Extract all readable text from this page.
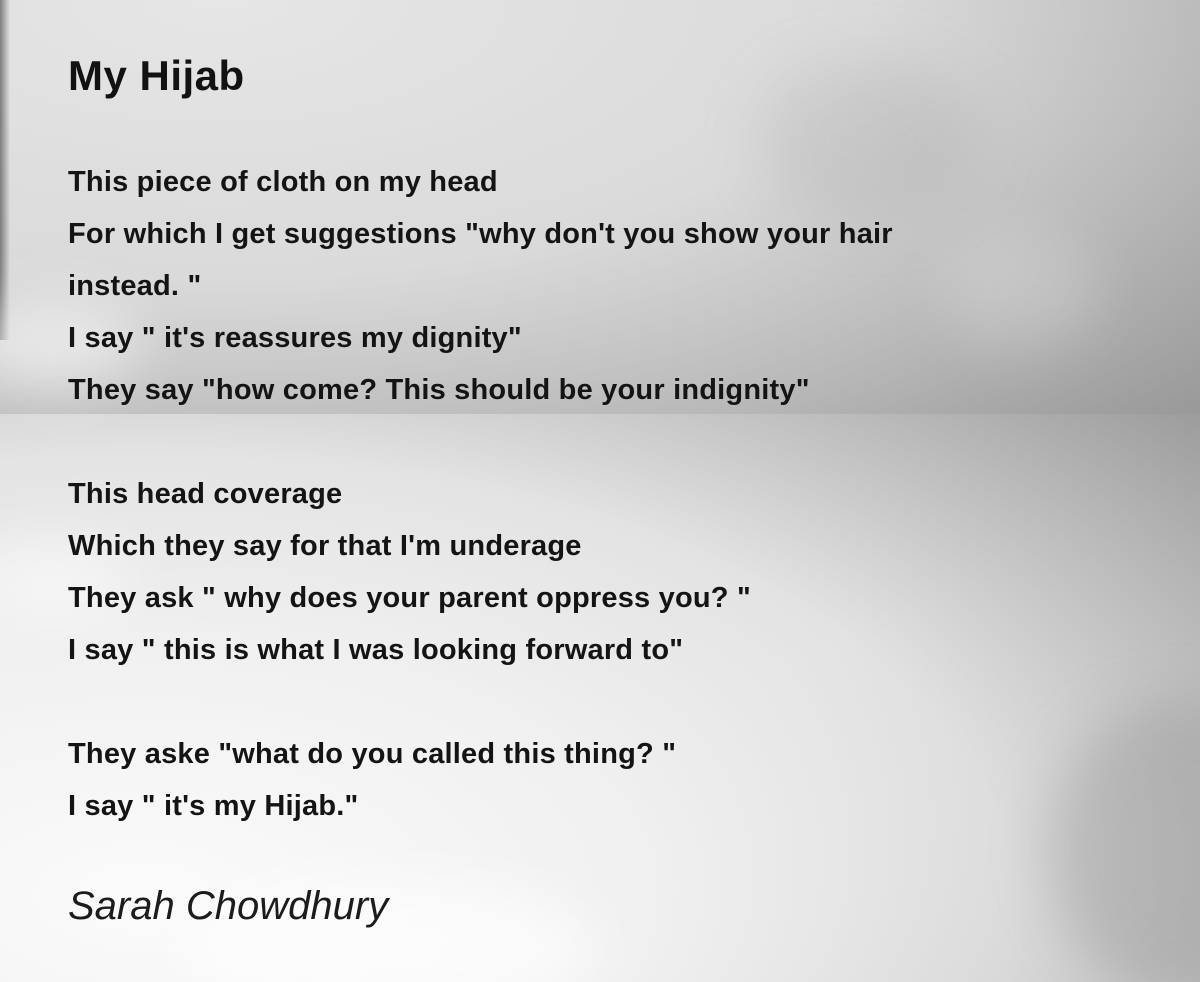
My Hijab
This piece of cloth on my head
For which I get suggestions "why don't you show your hair
instead. "
I say " it's reassures my dignity"
They say "how come? This should be your indignity"
This head coverage
Which they say for that I'm underage
They ask " why does your parent oppress you? "
I say " this is what I was looking forward to"
They aske "what do you called this thing? "
I say " it's my Hijab."
Sarah Chowdhury
